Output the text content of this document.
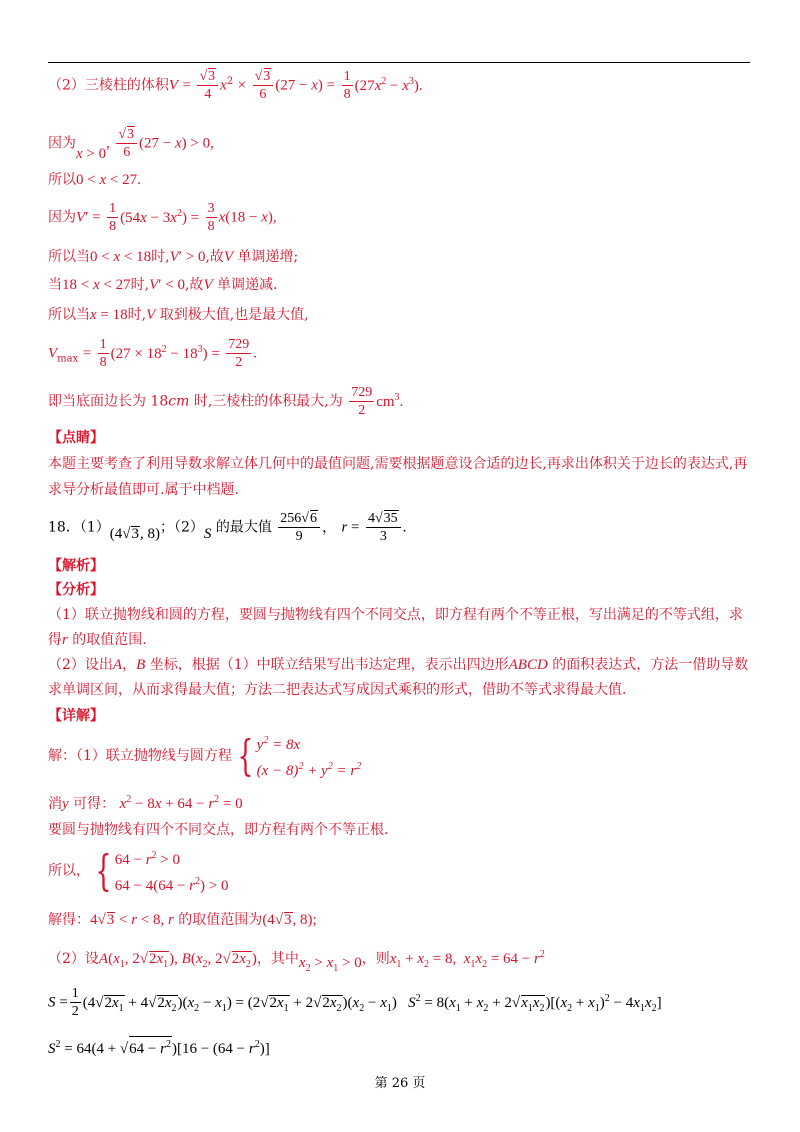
（2）三棱柱的体积V =
√ $\frac{3}{4} x^2$ ×
√ $\frac{3}{6} (27 - x) = \frac{1}{8} (27x^2 - x^3)$.
因为x > 0,
√ $\frac{3}{6} (27 - x) > 0$,
所以0 < x < 27.
因为$V' = \frac{1}{8} (54x - 3x^2) = \frac{3}{8} x(18 - x)$,
所以当0 < x < 18时,V′ > 0,故V 单调递增;
当18 < x < 27时,V′ < 0,故V 单调递减.
所以当x = 18时,V 取到极大值,也是最大值,
$V_{max} = \frac{1}{8} (27 \times 18^2 - 18^3) = \frac{729}{2}$ .
即当底面边长为 18cm 时,三棱柱的体积最大,为 $\frac{729}{2} cm^3$.
【点睛】
本题主要考查了利用导数求解立体几何中的最值问题,需要根据题意设合适的边长,再求出体积关于边长的表达式,再
求导分析最值即可.属于中档题.
18．（1）(4√ 3, 8)；（2）S 的最大值 $\frac{256√ 6}{9}$ ， $r = \frac{4√ 35}{3}$ .
【解析】
【分析】
（1）联立抛物线和圆的方程，要圆与抛物线有四个不同交点，即方程有两个不等正根，写出满足的不等式组，求
得r 的取值范围.
（2）设出A，B 坐标，根据（1）中联立结果写出韦达定理，表示出四边形ABCD 的面积表达式，方法一借助导数
求单调区间，从而求得最大值；方法二把表达式写成因式乘积的形式，借助不等式求得最大值.
【详解】
解：（1）联立抛物线与圆方程 { $y^2 = 8x$
$(x - 8)^2 + y^2 = r^2$
消y 可得： $x^2 - 8x + 64 - r^2 = 0$
要圆与抛物线有四个不同交点，即方程有两个不等正根.
所以， { $64 - r^2 > 0$
$64 - 4(64 - r^2) > 0$
解得：4√ 3 < r < 8, r 的取值范围为(4√ 3, 8);
（2）设$A(x_1$, 2√ $2x_1$), $B(x_2$, 2√ $2x_2$)，其中$x_2 > x_1 > 0$，则$x_1 + x_2 = 8$,  $x_1x_2 = 64 - r^2$
$S = \frac{1}{2} (4√$ $2x_1 + 4√$ $2x_2)(x_2 - x_1) = (2√$ $2x_1 + 2√$ $2x_2)(x_2 - x_1)$   $S^2 = 8(x_1 + x_2 + 2√$ $x_1x_2)[(x_2 + x_1)^2 - 4x_1x_2]$
$S^2 = 64(4$ + √ $64 - r^2)[16 - (64 - r^2)]$
第 26 页
